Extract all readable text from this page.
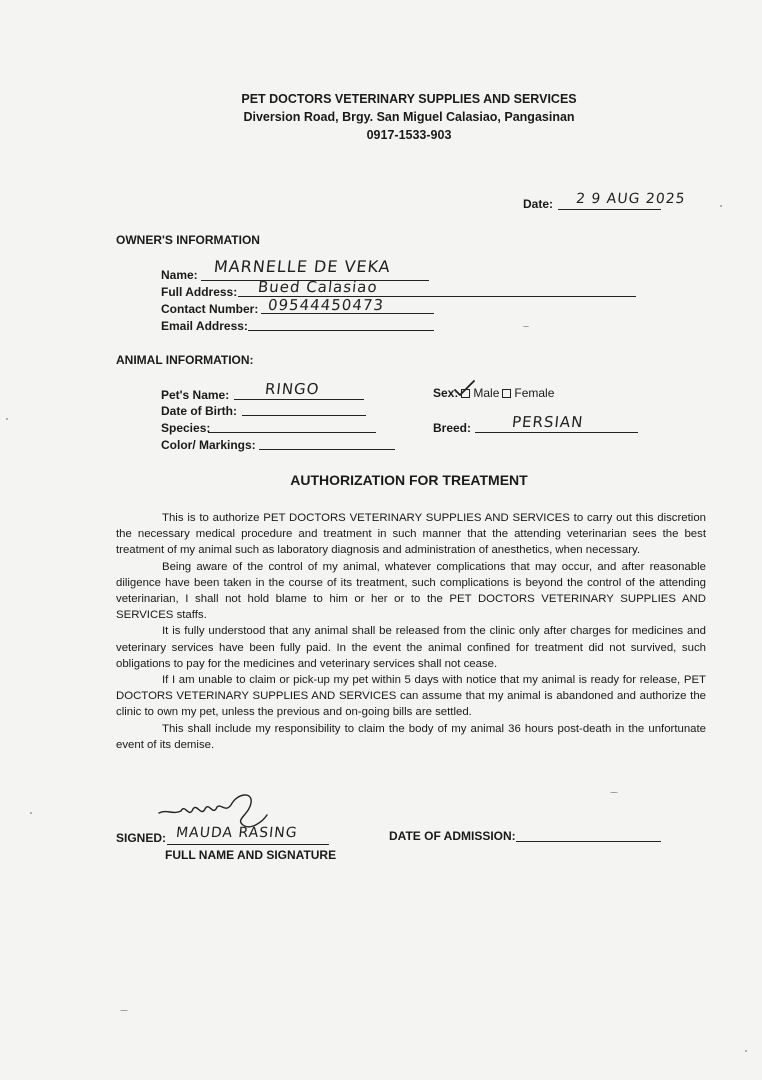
PET DOCTORS VETERINARY SUPPLIES AND SERVICES
Diversion Road, Brgy. San Miguel Calasiao, Pangasinan
0917-1533-903
Date: 2 9 AUG 2025
OWNER'S INFORMATION
Name: MARNELLE DE VEKA
Full Address: Bued Calasiao
Contact Number: 09544450473
Email Address:
ANIMAL INFORMATION:
Pet's Name: RINGO
Date of Birth:
Species:
Color/ Markings:
Sex: Male Female
Breed:	PERSIAN
AUTHORIZATION FOR TREATMENT

This is to authorize PET DOCTORS VETERINARY SUPPLIES AND SERVICES to carry out this discretion the necessary medical procedure and treatment in such manner that the attending veterinarian sees the best treatment of my animal such as laboratory diagnosis and administration of anesthetics, when necessary.

Being aware of the control of my animal, whatever complications that may occur, and after reasonable diligence have been taken in the course of its treatment, such complications is beyond the control of the attending veterinarian, I shall not hold blame to him or her or to the PET DOCTORS VETERINARY SUPPLIES AND SERVICES staffs.

It is fully understood that any animal shall be released from the clinic only after charges for medicines and veterinary services have been fully paid. In the event the animal confined for treatment did not survived, such obligations to pay for the medicines and veterinary services shall not cease.

If I am unable to claim or pick-up my pet within 5 days with notice that my animal is ready for release, PET DOCTORS VETERINARY SUPPLIES AND SERVICES can assume that my animal is abandoned and authorize the clinic to own my pet, unless the previous and on-going bills are settled.

This shall include my responsibility to claim the body of my animal 36 hours post-death in the unfortunate event of its demise.

SIGNED: MAUDA RASING
FULL NAME AND SIGNATURE
DATE OF ADMISSION:
